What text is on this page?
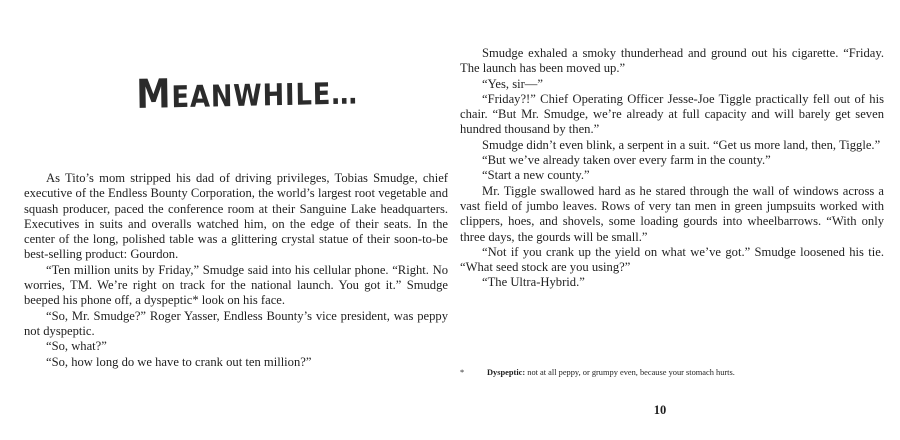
MEANWHILE…

As Tito’s mom stripped his dad of driving privileges, Tobias Smudge, chief executive of the Endless Bounty Corporation, the world’s largest root vegetable and squash producer, paced the conference room at their Sanguine Lake headquarters. Executives in suits and overalls watched him, on the edge of their seats. In the center of the long, polished table was a glittering crystal statue of their soon-to-be best-selling product: Gourdon.

“Ten million units by Friday,” Smudge said into his cellular phone. “Right. No worries, TM. We’re right on track for the national launch. You got it.” Smudge beeped his phone off, a dyspeptic* look on his face.

“So, Mr. Smudge?” Roger Yasser, Endless Bounty’s vice president, was peppy not dyspeptic.

“So, what?”

“So, how long do we have to crank out ten million?”

Smudge exhaled a smoky thunderhead and ground out his cigarette. “Friday. The launch has been moved up.”

“Yes, sir—”

“Friday?!” Chief Operating Officer Jesse-Joe Tiggle practically fell out of his chair. “But Mr. Smudge, we’re already at full capacity and will barely get seven hundred thousand by then.”

Smudge didn’t even blink, a serpent in a suit. “Get us more land, then, Tiggle.”

“But we’ve already taken over every farm in the county.”

“Start a new county.”

Mr. Tiggle swallowed hard as he stared through the wall of windows across a vast field of jumbo leaves. Rows of very tan men in green jumpsuits worked with clippers, hoes, and shovels, some loading gourds into wheelbarrows. “With only three days, the gourds will be small.”

“Not if you crank up the yield on what we’ve got.” Smudge loosened his tie. “What seed stock are you using?”

“The Ultra-Hybrid.”

*	Dyspeptic: not at all peppy, or grumpy even, because your stomach hurts.
10
